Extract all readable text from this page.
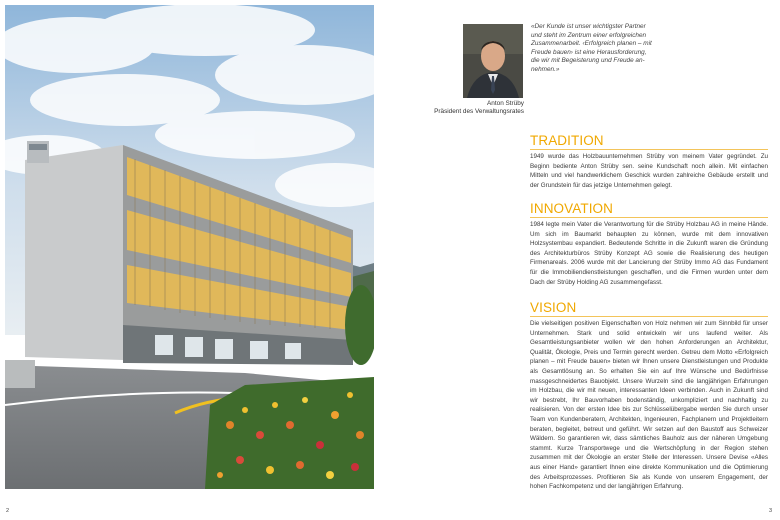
Anton Strüby
Präsident des Verwaltungsrates
«Der Kunde ist unser wichtigster Partner und steht im Zentrum einer erfolgreichen Zusammenarbeit. ‹Erfolgreich planen – mit Freude bauen› ist eine Herausforderung, die wir mit Begeisterung und Freude an-nehmen.»
TRADITION

1949 wurde das Holzbauunternehmen Strüby von meinem Vater gegründet. Zu Beginn bediente Anton Strüby sen. seine Kundschaft noch allein. Mit einfachen Mitteln und viel handwerklichem Geschick wurden zahlreiche Gebäude erstellt und der Grundstein für das jetzige Unternehmen gelegt.

INNOVATION

1984 legte mein Vater die Verantwortung für die Strüby Holzbau AG in meine Hände. Um sich im Baumarkt behaupten zu können, wurde mit dem innovativen Holzsystembau expandiert. Bedeutende Schritte in die Zukunft waren die Gründung des Architekturbüros Strüby Konzept AG sowie die Realisierung des heutigen Firmenareals. 2006 wurde mit der Lancierung der Strüby Immo AG das Fundament für die Immobiliendienstleistungen geschaffen, und die Firmen wurden unter dem Dach der Strüby Holding AG zusammengefasst.

VISION

Die vielseitigen positiven Eigenschaften von Holz nehmen wir zum Sinnbild für unser Unternehmen. Stark und solid entwickeln wir uns laufend weiter. Als Gesamtleistungsanbieter wollen wir den hohen Anforderungen an Architektur, Qualität, Ökologie, Preis und Termin gerecht werden. Getreu dem Motto «Erfolgreich planen – mit Freude bauen» bieten wir Ihnen unsere Dienstleistungen und Produkte als Gesamtlösung an. So erhalten Sie ein auf Ihre Wünsche und Bedürfnisse massgeschneidertes Bauobjekt. Unsere Wurzeln sind die langjährigen Erfahrungen im Holzbau, die wir mit neuen, interessanten Ideen verbinden. Auch in Zukunft sind wir bestrebt, Ihr Bauvorhaben bodenständig, unkompliziert und nachhaltig zu realisieren. Von der ersten Idee bis zur Schlüsselübergabe werden Sie durch unser Team von Kundenberatern, Architekten, Ingenieuren, Fachplanern und Projektleitern beraten, begleitet, betreut und geführt. Wir setzen auf den Baustoff aus Schweizer Wäldern. So garantieren wir, dass sämtliches Bauholz aus der näheren Umgebung stammt. Kurze Transportwege und die Wertschöpfung in der Region stehen zusammen mit der Ökologie an erster Stelle der Interessen. Unsere Devise «Alles aus einer Hand» garantiert Ihnen eine direkte Kommunikation und die Optimierung des Arbeitsprozesses. Profitieren Sie als Kunde von unserem Engagement, der hohen Fachkompetenz und der langjährigen Erfahrung.

2	3
